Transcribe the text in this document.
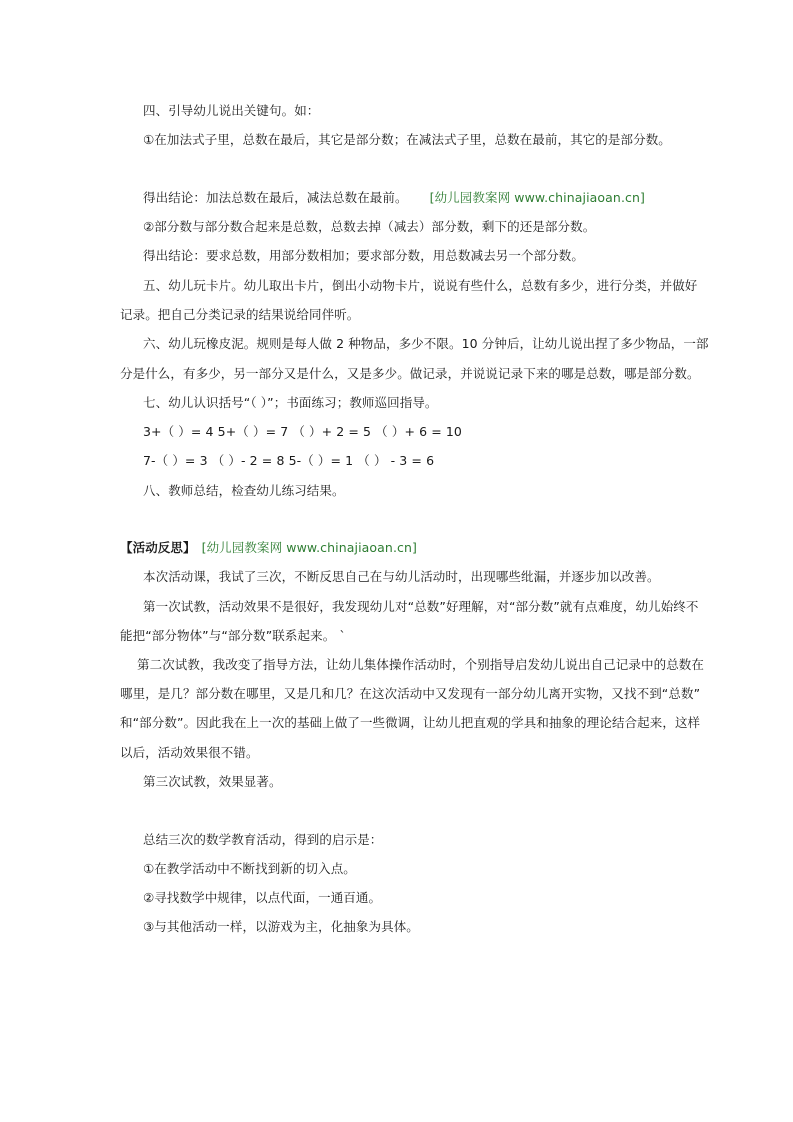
四、引导幼儿说出关键句。如：
①在加法式子里，总数在最后，其它是部分数；在减法式子里，总数在最前，其它的是部分数。
得出结论：加法总数在最后，减法总数在最前。 [幼儿园教案网 www.chinajiaoan.cn]
②部分数与部分数合起来是总数，总数去掉（减去）部分数，剩下的还是部分数。
得出结论：要求总数，用部分数相加；要求部分数，用总数减去另一个部分数。
五、幼儿玩卡片。幼儿取出卡片，倒出小动物卡片，说说有些什么，总数有多少，进行分类，并做好
记录。把自己分类记录的结果说给同伴听。
六、幼儿玩橡皮泥。规则是每人做 2 种物品，多少不限。10 分钟后，让幼儿说出捏了多少物品，一部
分是什么，有多少，另一部分又是什么，又是多少。做记录，并说说记录下来的哪是总数，哪是部分数。
七、幼儿认识括号“（ ）”；书面练习；教师巡回指导。
3+（ ）= 4 5+（ ）= 7 （ ）+ 2 = 5 （ ）+ 6 = 10
7-（ ）= 3 （ ）- 2 = 8 5-（ ）= 1 （ ） - 3 = 6
八、教师总结，检查幼儿练习结果。
【活动反思】 [幼儿园教案网 www.chinajiaoan.cn]
本次活动课，我试了三次，不断反思自己在与幼儿活动时，出现哪些纰漏，并逐步加以改善。
第一次试教，活动效果不是很好，我发现幼儿对“总数”好理解，对“部分数”就有点难度，幼儿始终不
能把“部分物体”与“部分数”联系起来。 `
第二次试教，我改变了指导方法，让幼儿集体操作活动时，个别指导启发幼儿说出自己记录中的总数在
哪里，是几？部分数在哪里，又是几和几？在这次活动中又发现有一部分幼儿离开实物，又找不到“总数”
和“部分数”。因此我在上一次的基础上做了一些微调，让幼儿把直观的学具和抽象的理论结合起来，这样
以后，活动效果很不错。
第三次试教，效果显著。
总结三次的数学教育活动，得到的启示是：
①在教学活动中不断找到新的切入点。
②寻找数学中规律，以点代面，一通百通。
③与其他活动一样，以游戏为主，化抽象为具体。
